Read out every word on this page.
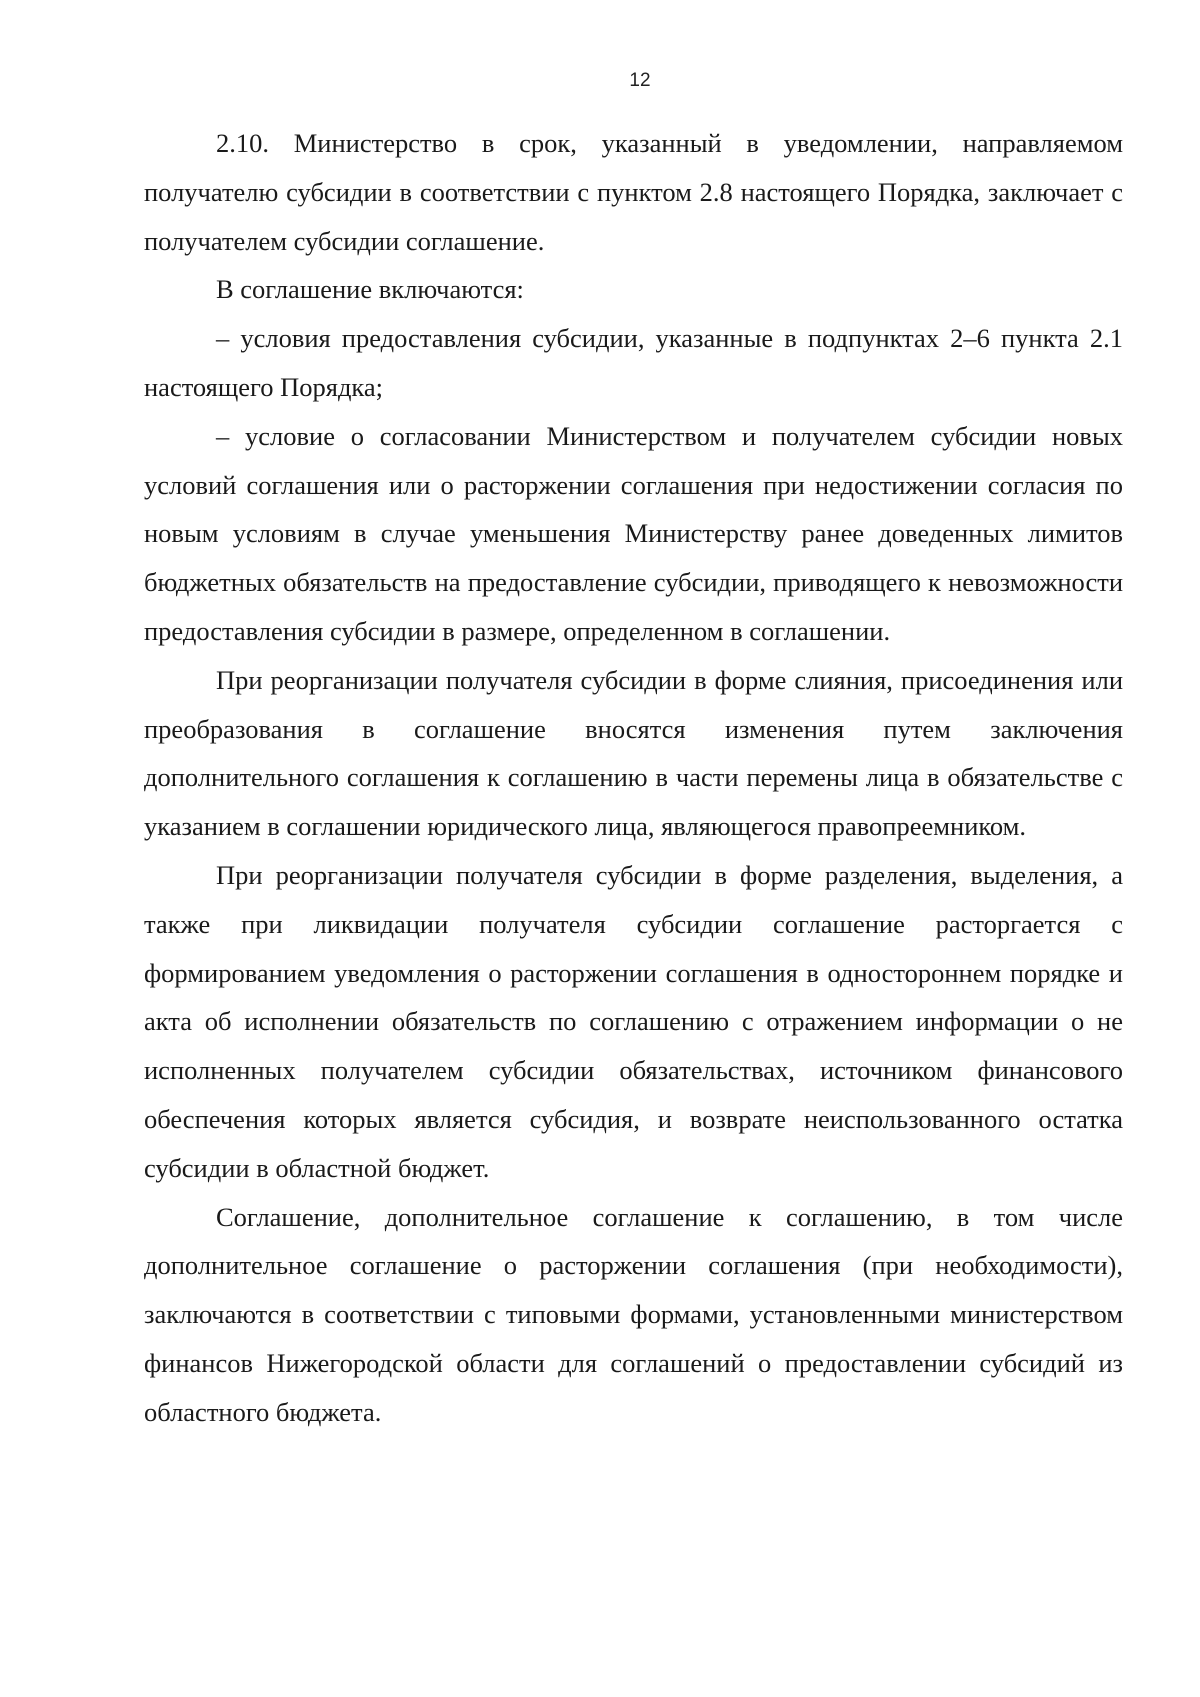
12

2.10. Министерство в срок, указанный в уведомлении, направляемом получателю субсидии в соответствии с пунктом 2.8 настоящего Порядка, заключает с получателем субсидии соглашение.

В соглашение включаются:

– условия предоставления субсидии, указанные в подпунктах 2–6 пункта 2.1 настоящего Порядка;

– условие о согласовании Министерством и получателем субсидии новых условий соглашения или о расторжении соглашения при недостижении согласия по новым условиям в случае уменьшения Министерству ранее доведенных лимитов бюджетных обязательств на предоставление субсидии, приводящего к невозможности предоставления субсидии в размере, определенном в соглашении.

При реорганизации получателя субсидии в форме слияния, присоединения или преобразования в соглашение вносятся изменения путем заключения дополнительного соглашения к соглашению в части перемены лица в обязательстве с указанием в соглашении юридического лица, являющегося правопреемником.

При реорганизации получателя субсидии в форме разделения, выделения, а также при ликвидации получателя субсидии соглашение расторгается с формированием уведомления о расторжении соглашения в одностороннем порядке и акта об исполнении обязательств по соглашению с отражением информации о не исполненных получателем субсидии обязательствах, источником финансового обеспечения которых является субсидия, и возврате неиспользованного остатка субсидии в областной бюджет.

Соглашение, дополнительное соглашение к соглашению, в том числе дополнительное соглашение о расторжении соглашения (при необходимости), заключаются в соответствии с типовыми формами, установленными министерством финансов Нижегородской области для соглашений о предоставлении субсидий из областного бюджета.
